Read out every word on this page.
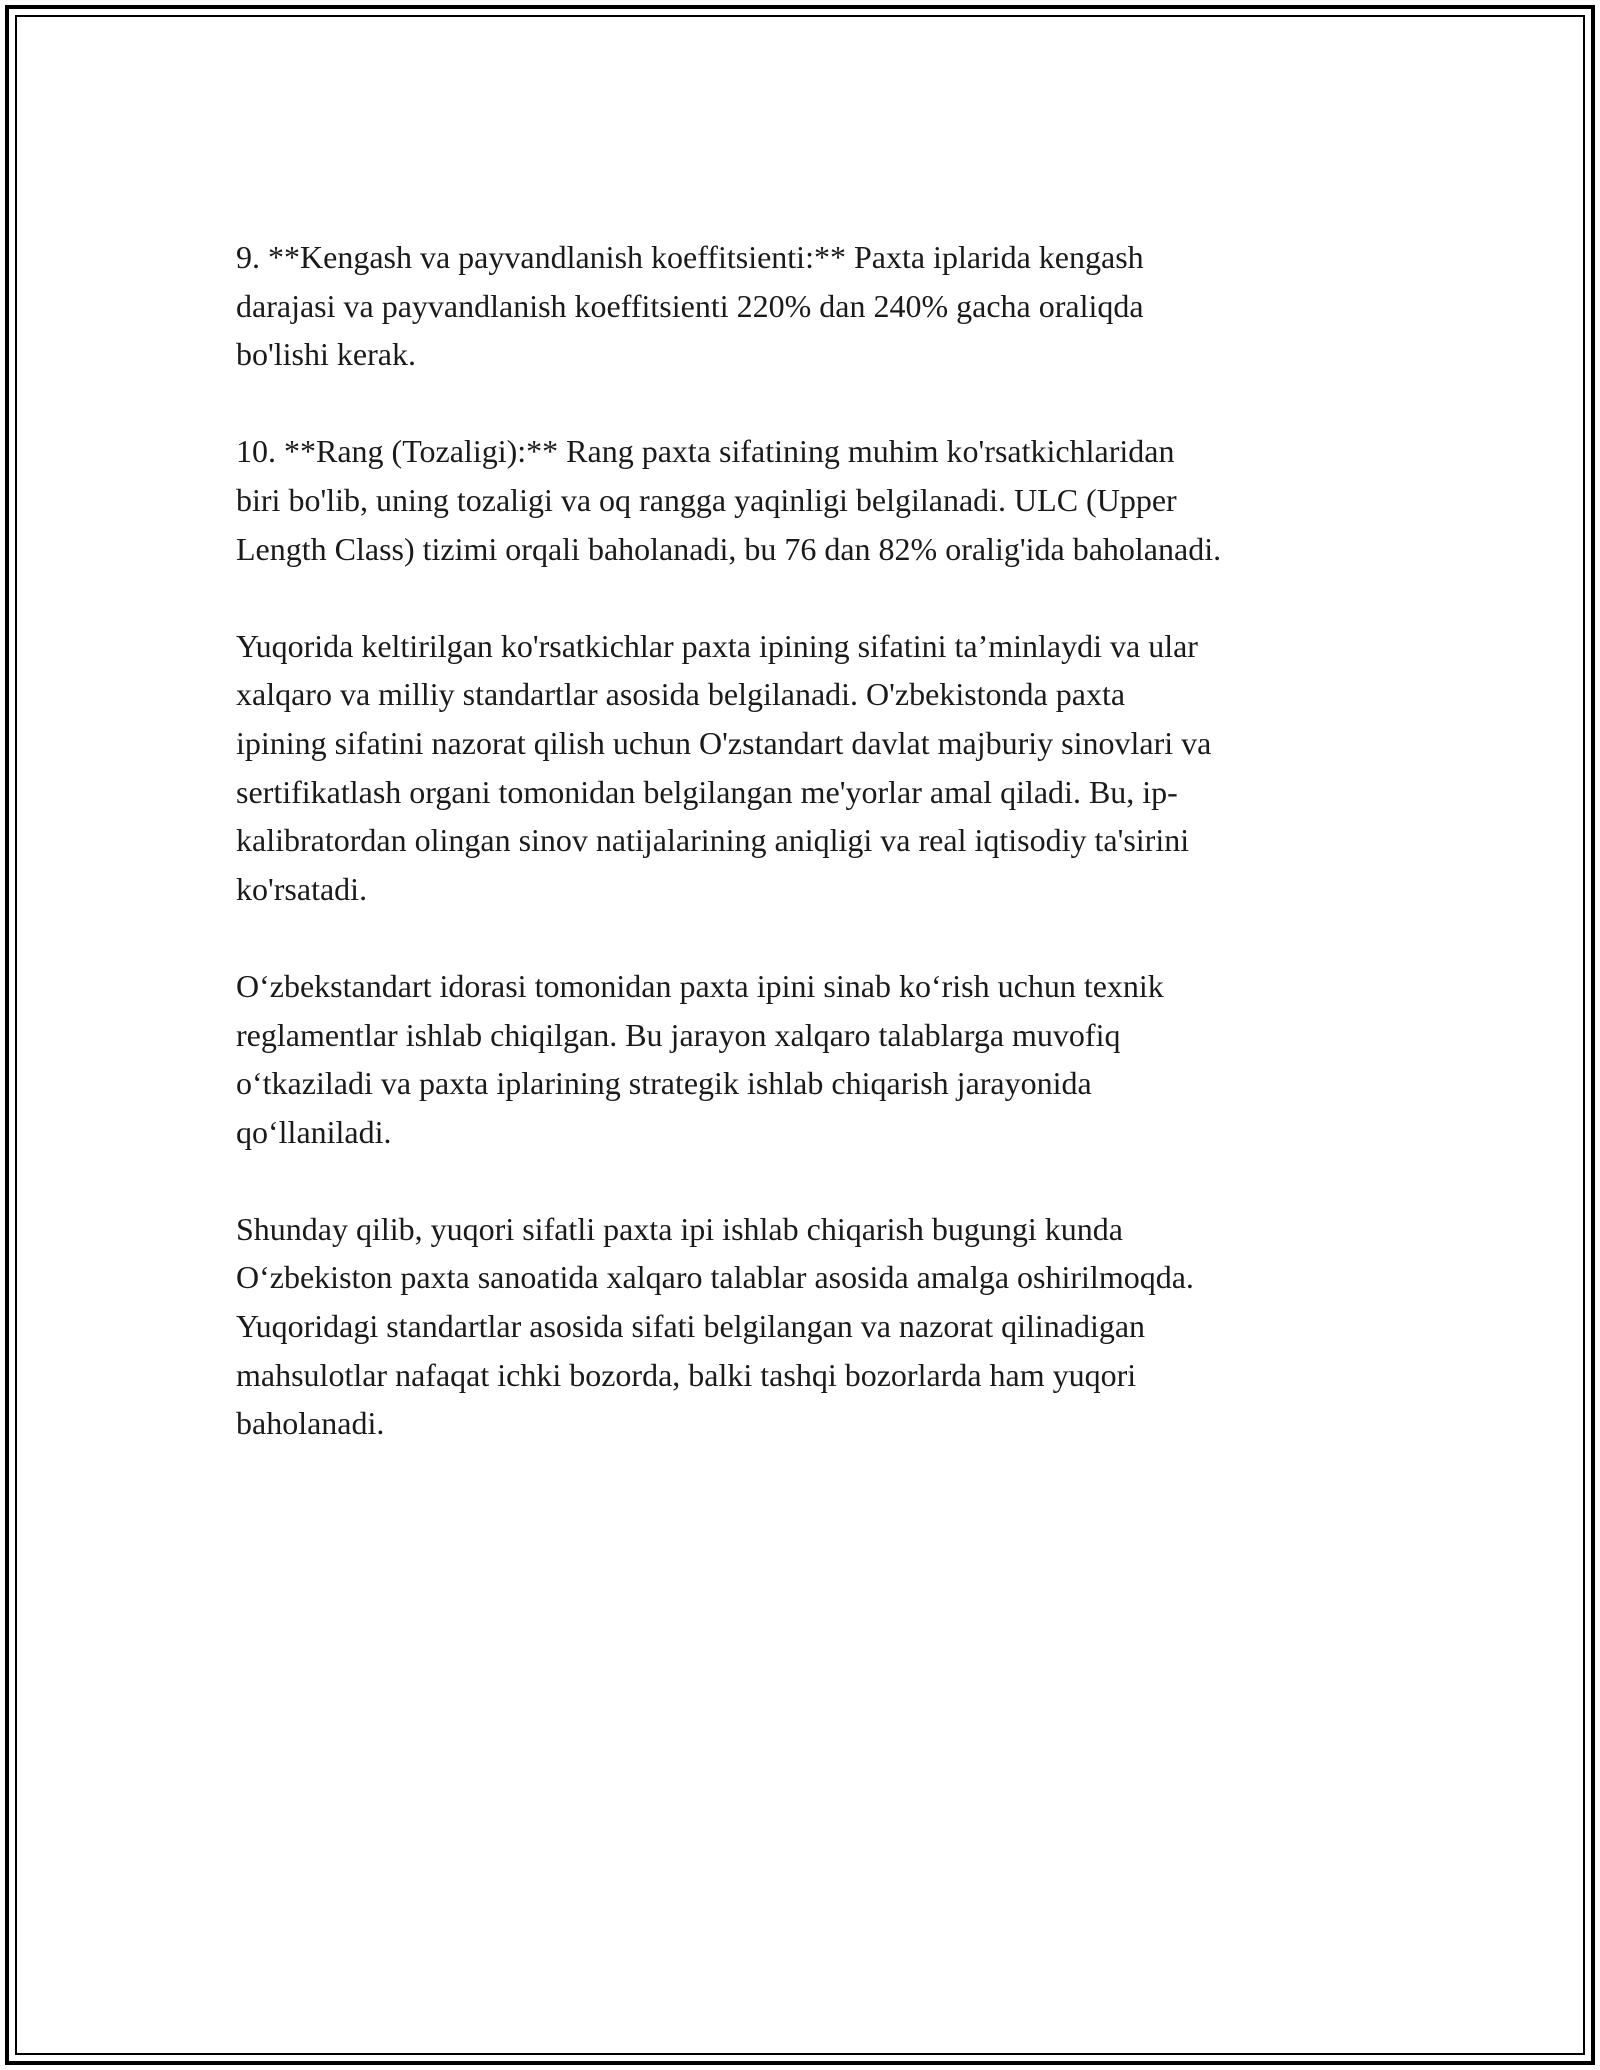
9. **Kengash va payvandlanish koeffitsienti:** Paxta iplarida kengash
darajasi va payvandlanish koeffitsienti 220% dan 240% gacha oraliqda
bo'lishi kerak.

10. **Rang (Tozaligi):** Rang paxta sifatining muhim ko'rsatkichlaridan
biri bo'lib, uning tozaligi va oq rangga yaqinligi belgilanadi. ULC (Upper
Length Class) tizimi orqali baholanadi, bu 76 dan 82% oralig'ida baholanadi.

Yuqorida keltirilgan ko'rsatkichlar paxta ipining sifatini ta’minlaydi va ular
xalqaro va milliy standartlar asosida belgilanadi. O'zbekistonda paxta
ipining sifatini nazorat qilish uchun O'zstandart davlat majburiy sinovlari va
sertifikatlash organi tomonidan belgilangan me'yorlar amal qiladi. Bu, ip-
kalibratordan olingan sinov natijalarining aniqligi va real iqtisodiy ta'sirini
ko'rsatadi.

O‘zbekstandart idorasi tomonidan paxta ipini sinab ko‘rish uchun texnik
reglamentlar ishlab chiqilgan. Bu jarayon xalqaro talablarga muvofiq
o‘tkaziladi va paxta iplarining strategik ishlab chiqarish jarayonida
qo‘llaniladi.

Shunday qilib, yuqori sifatli paxta ipi ishlab chiqarish bugungi kunda
O‘zbekiston paxta sanoatida xalqaro talablar asosida amalga oshirilmoqda.
Yuqoridagi standartlar asosida sifati belgilangan va nazorat qilinadigan
mahsulotlar nafaqat ichki bozorda, balki tashqi bozorlarda ham yuqori
baholanadi.
